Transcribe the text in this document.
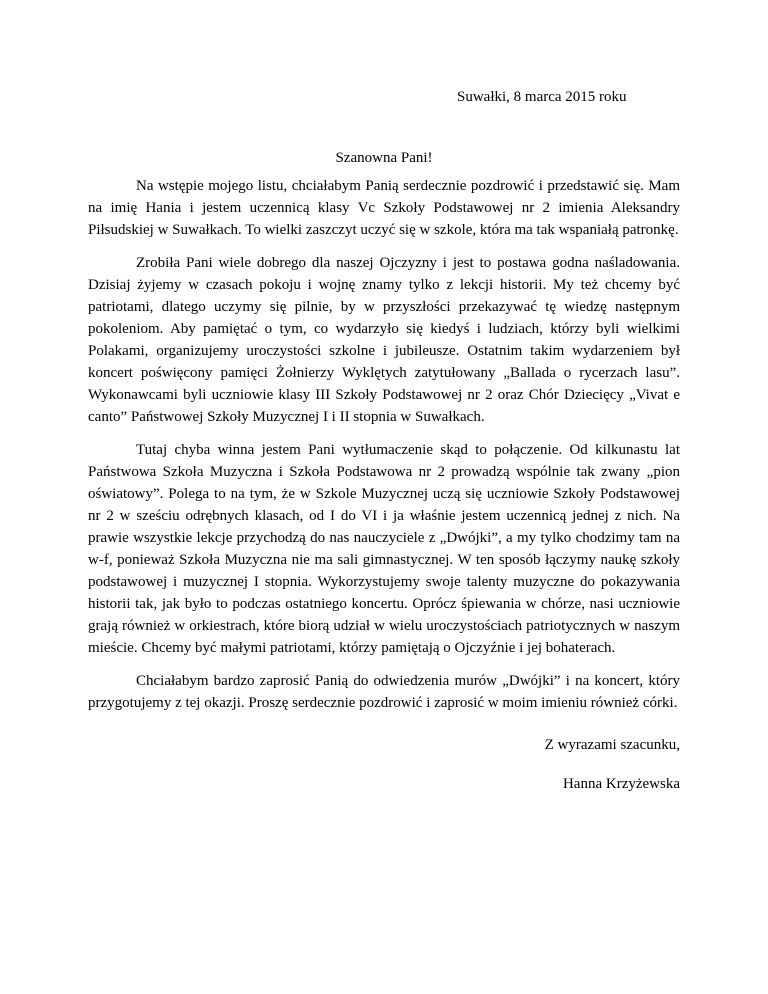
Suwałki, 8 marca 2015 roku
Szanowna Pani!

Na wstępie mojego listu, chciałabym Panią serdecznie pozdrowić i przedstawić się. Mam na imię Hania i jestem uczennicą klasy Vc Szkoły Podstawowej nr 2 imienia Aleksandry Piłsudskiej w Suwałkach. To wielki zaszczyt uczyć się w szkole, która ma tak wspaniałą patronkę.

Zrobiła Pani wiele dobrego dla naszej Ojczyzny i jest to postawa godna naśladowania. Dzisiaj żyjemy w czasach pokoju i wojnę znamy tylko z lekcji historii. My też chcemy być patriotami, dlatego uczymy się pilnie, by w przyszłości przekazywać tę wiedzę następnym pokoleniom. Aby pamiętać o tym, co wydarzyło się kiedyś i ludziach, którzy byli wielkimi Polakami, organizujemy uroczystości szkolne i jubileusze. Ostatnim takim wydarzeniem był koncert poświęcony pamięci Żołnierzy Wyklętych zatytułowany „Ballada o rycerzach lasu”. Wykonawcami byli uczniowie klasy III Szkoły Podstawowej nr 2 oraz Chór Dziecięcy „Vivat e canto” Państwowej Szkoły Muzycznej I i II stopnia w Suwałkach.

Tutaj chyba winna jestem Pani wytłumaczenie skąd to połączenie. Od kilkunastu lat Państwowa Szkoła Muzyczna i Szkoła Podstawowa nr 2 prowadzą wspólnie tak zwany „pion oświatowy”. Polega to na tym, że w Szkole Muzycznej uczą się uczniowie Szkoły Podstawowej nr 2 w sześciu odrębnych klasach, od I do VI i ja właśnie jestem uczennicą jednej z nich. Na prawie wszystkie lekcje przychodzą do nas nauczyciele z „Dwójki”, a my tylko chodzimy tam na w-f, ponieważ Szkoła Muzyczna nie ma sali gimnastycznej. W ten sposób łączymy naukę szkoły podstawowej i muzycznej I stopnia. Wykorzystujemy swoje talenty muzyczne do pokazywania historii tak, jak było to podczas ostatniego koncertu. Oprócz śpiewania w chórze, nasi uczniowie grają również w orkiestrach, które biorą udział w wielu uroczystościach patriotycznych w naszym mieście. Chcemy być małymi patriotami, którzy pamiętają o Ojczyźnie i jej bohaterach.

Chciałabym bardzo zaprosić Panią do odwiedzenia murów „Dwójki” i na koncert, który przygotujemy z tej okazji. Proszę serdecznie pozdrowić i zaprosić w moim imieniu również córki.

Z wyrazami szacunku,
Hanna Krzyżewska
